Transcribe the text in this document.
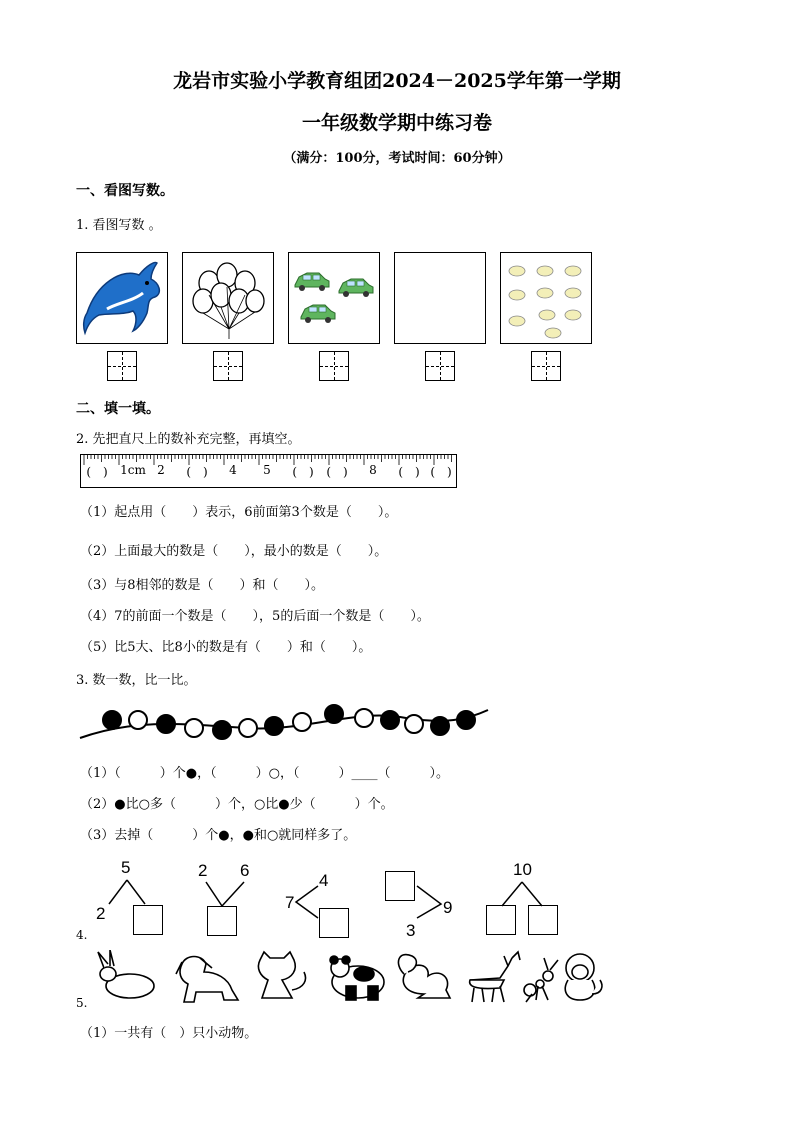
龙岩市实验小学教育组团2024－2025学年第一学期
一年级数学期中练习卷
（满分：100分，考试时间：60分钟）
一、看图写数。
1. 看图写数 。
二、填一填。
2. 先把直尺上的数补充完整，再填空。
(　) 1cm 2 (　) 4 5 (　) (　) 8 (　) (　)
（1）起点用（　　）表示，6前面第3个数是（　　）。
（2）上面最大的数是（　　），最小的数是（　　）。
（3）与8相邻的数是（　　）和（　　）。
（4）7的前面一个数是（　　），5的后面一个数是（　　）。
（5）比5大、比8小的数是有（　　）和（　　）。
3. 数一数，比一比。
（1）（　　　）个●，（　　　）○，（　　　）____（　　　）。
（2）●比○多（　　　）个，○比●少（　　　）个。
（3）去掉（　　　）个●，●和○就同样多了。
4.
5
2
2 6
4
7	9
3
10
5.
（1）一共有（　）只小动物。
